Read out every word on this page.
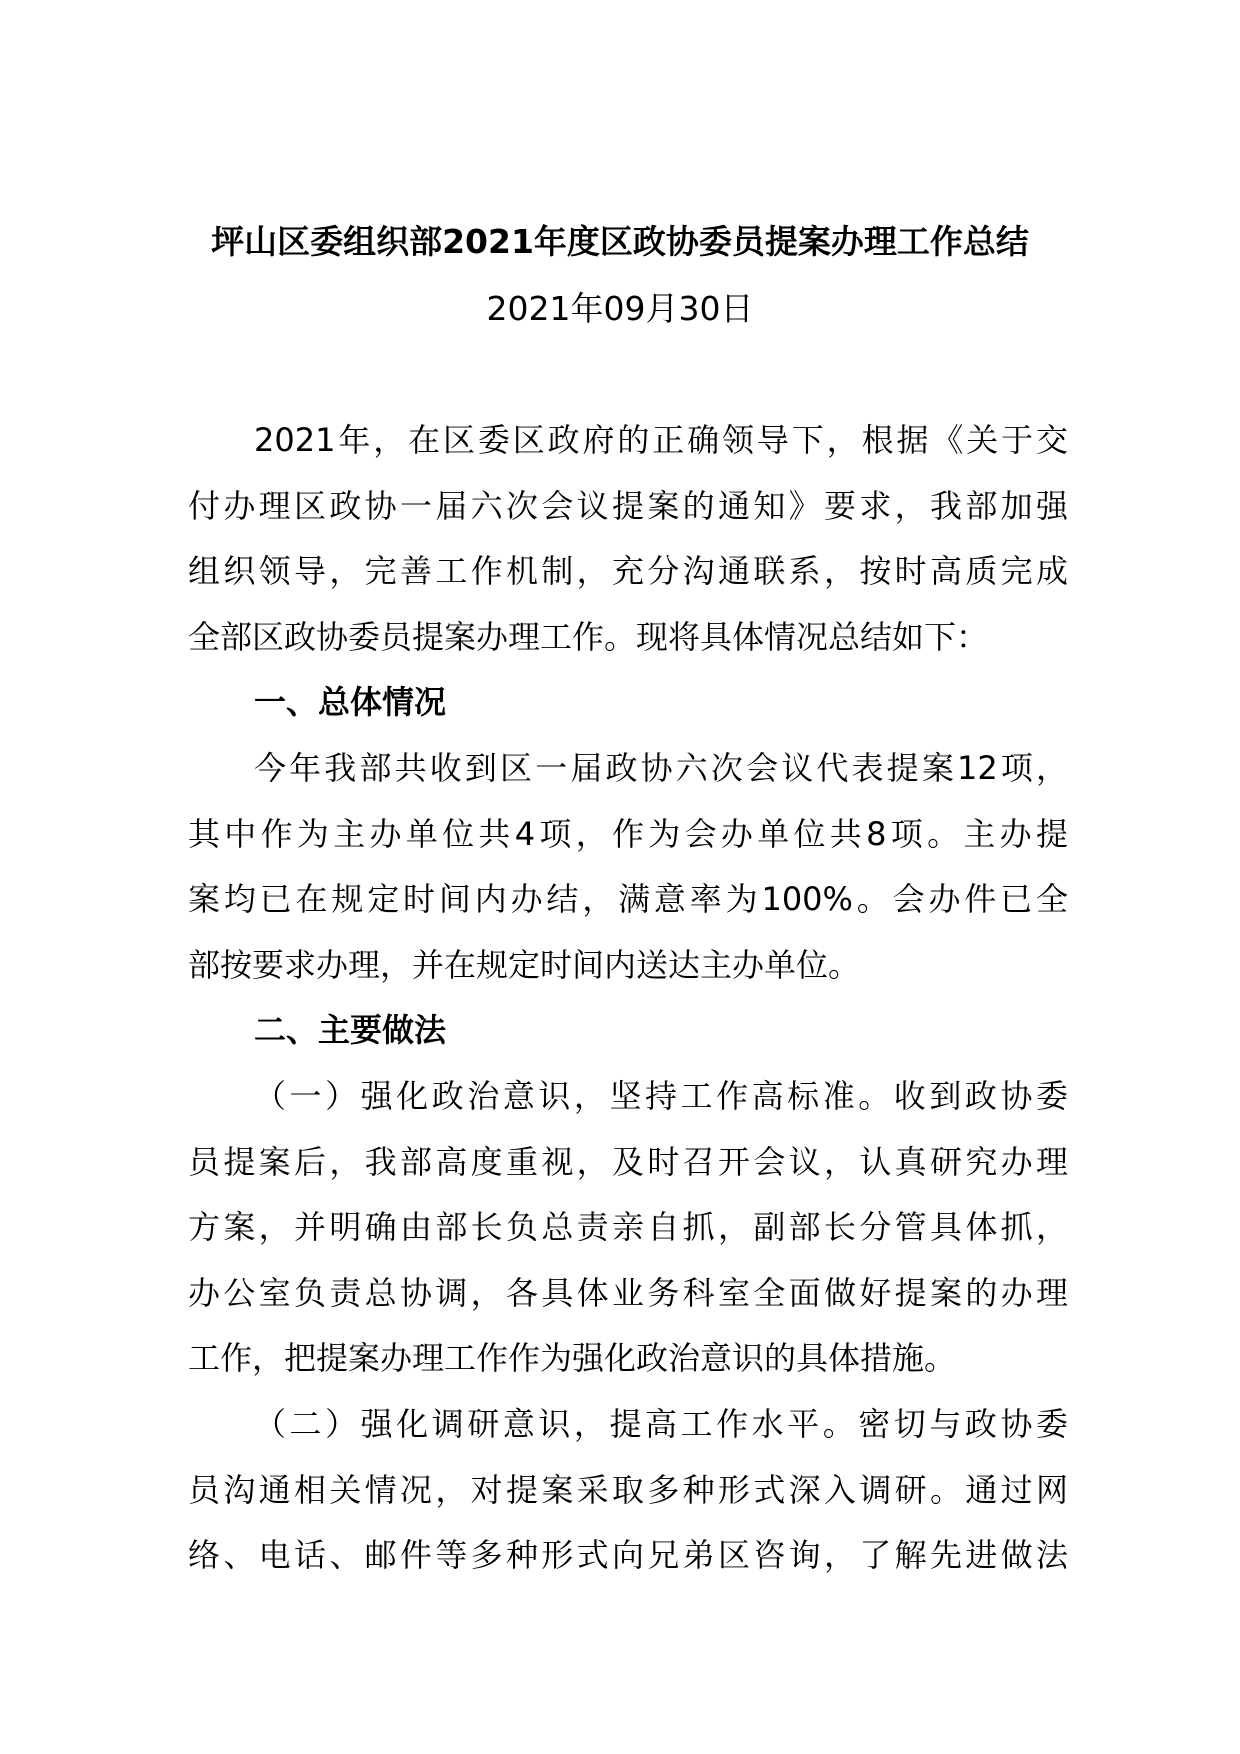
坪山区委组织部2021年度区政协委员提案办理工作总结
2021年09月30日

2021年，在区委区政府的正确领导下，根据《关于交
付办理区政协一届六次会议提案的通知》要求，我部加强
组织领导，完善工作机制，充分沟通联系，按时高质完成
全部区政协委员提案办理工作。现将具体情况总结如下：

一、总体情况

今年我部共收到区一届政协六次会议代表提案12项，
其中作为主办单位共4项，作为会办单位共8项。主办提
案均已在规定时间内办结，满意率为100%。会办件已全
部按要求办理，并在规定时间内送达主办单位。

二、主要做法

（一）强化政治意识，坚持工作高标准。收到政协委
员提案后，我部高度重视，及时召开会议，认真研究办理
方案，并明确由部长负总责亲自抓，副部长分管具体抓，
办公室负责总协调，各具体业务科室全面做好提案的办理
工作，把提案办理工作作为强化政治意识的具体措施。

（二）强化调研意识，提高工作水平。密切与政协委
员沟通相关情况，对提案采取多种形式深入调研。通过网
络、电话、邮件等多种形式向兄弟区咨询，了解先进做法
